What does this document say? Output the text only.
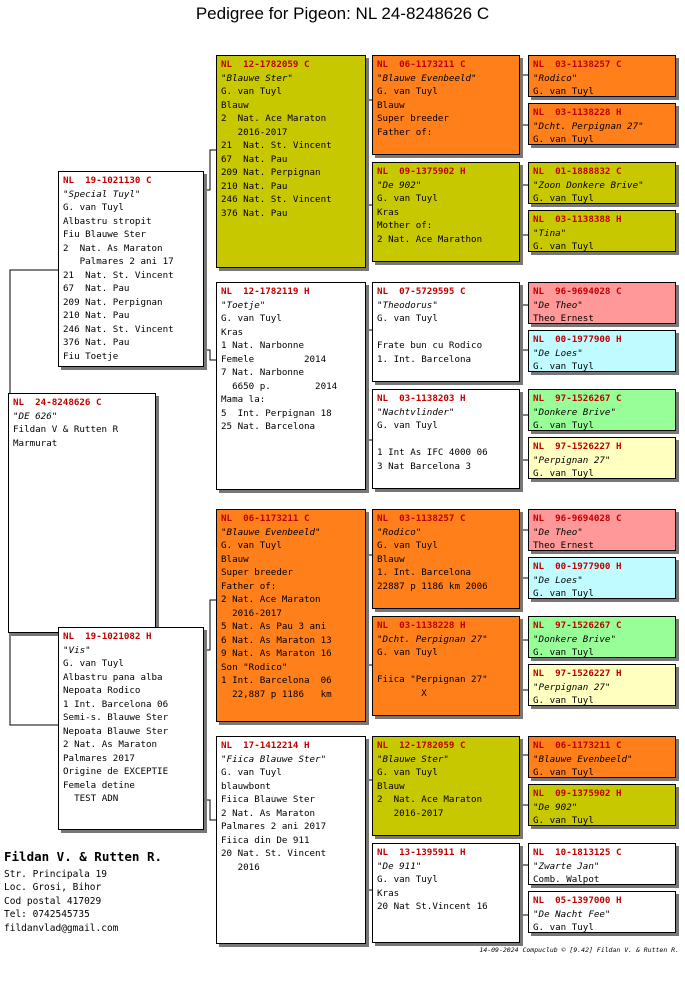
Pedigree for Pigeon: NL 24-8248626 C
NL  24-8248626 C
"DE 626"
Fildan V & Rutten R
Marmurat
NL  19-1021130 C
"Special Tuyl"
G. van Tuyl
Albastru stropit
Fiu Blauwe Ster
2  Nat. As Maraton
Palmares 2 ani 17
21  Nat. St. Vincent
67  Nat. Pau
209 Nat. Perpignan
210 Nat. Pau
246 Nat. St. Vincent
376 Nat. Pau
Fiu Toetje
NL  19-1021082 H
"Vis"
G. van Tuyl
Albastru pana alba
Nepoata Rodico
1 Int. Barcelona 06
Semi-s. Blauwe Ster
Nepoata Blauwe Ster
2 Nat. As Maraton
Palmares 2017
Origine de EXCEPTIE
Femela detine
TEST ADN
NL  12-1782059 C
"Blauwe Ster"
G. van Tuyl
Blauw
2  Nat. Ace Maraton
2016-2017
21  Nat. St. Vincent
67  Nat. Pau
209 Nat. Perpignan
210 Nat. Pau
246 Nat. St. Vincent
376 Nat. Pau
NL  12-1782119 H
"Toetje"
G. van Tuyl
Kras
1 Nat. Narbonne
Femele         2014
7 Nat. Narbonne
6650 p.        2014
Mama la:
5  Int. Perpignan 18
25 Nat. Barcelona
NL  06-1173211 C
"Blauwe Evenbeeld"
G. van Tuyl
Blauw
Super breeder
Father of:
2 Nat. Ace Maraton
2016-2017
5 Nat. As Pau 3 ani
6 Nat. As Maraton 13
9 Nat. As Maraton 16
Son "Rodico"
1 Int. Barcelona  06
22,887 p 1186   km
NL  17-1412214 H
"Fiica Blauwe Ster"
G. van Tuyl
blauwbont
Fiica Blauwe Ster
2 Nat. As Maraton
Palmares 2 ani 2017
Fiica din De 911
20 Nat. St. Vincent
2016
NL  06-1173211 C
"Blauwe Evenbeeld"
G. van Tuyl
Blauw
Super breeder
Father of:
NL  09-1375902 H
"De 902"
G. van Tuyl
Kras
Mother of:
2 Nat. Ace Marathon
NL  07-5729595 C
"Theodorus"
G. van Tuyl

Frate bun cu Rodico
1. Int. Barcelona
NL  03-1138203 H
"Nachtvlinder"
G. van Tuyl

1 Int As IFC 4000 06
3 Nat Barcelona 3
NL  03-1138257 C
"Rodico"
G. van Tuyl
Blauw
1. Int. Barcelona
22887 p 1186 km 2006
NL  03-1138228 H
"Dcht. Perpignan 27"
G. van Tuyl

Fiica "Perpignan 27"
X
NL  12-1782059 C
"Blauwe Ster"
G. van Tuyl
Blauw
2  Nat. Ace Maraton
2016-2017
NL  13-1395911 H
"De 911"
G. van Tuyl
Kras
20 Nat St.Vincent 16
NL  03-1138257 C
"Rodico"
G. van Tuyl
NL  03-1138228 H
"Dcht. Perpignan 27"
G. van Tuyl
NL  01-1888832 C
"Zoon Donkere Brive"
G. van Tuyl
NL  03-1138388 H
"Tina"
G. van Tuyl
NL  96-9694028 C
"De Theo"
Theo Ernest
NL  00-1977900 H
"De Loes"
G. van Tuyl
NL  97-1526267 C
"Donkere Brive"
G. van Tuyl
NL  97-1526227 H
"Perpignan 27"
G. van Tuyl
NL  96-9694028 C
"De Theo"
Theo Ernest
NL  00-1977900 H
"De Loes"
G. van Tuyl
NL  97-1526267 C
"Donkere Brive"
G. van Tuyl
NL  97-1526227 H
"Perpignan 27"
G. van Tuyl
NL  06-1173211 C
"Blauwe Evenbeeld"
G. van Tuyl
NL  09-1375902 H
"De 902"
G. van Tuyl
NL  10-1813125 C
"Zwarte Jan"
Comb. Walpot
NL  05-1397000 H
"De Nacht Fee"
G. van Tuyl
Fildan V. & Rutten R.
Str. Principala 19
Loc. Grosi, Bihor
Cod postal 417029
Tel: 0742545735
fildanvlad@gmail.com
14-09-2024 Compuclub © [9.42] Fildan V. & Rutten R.
